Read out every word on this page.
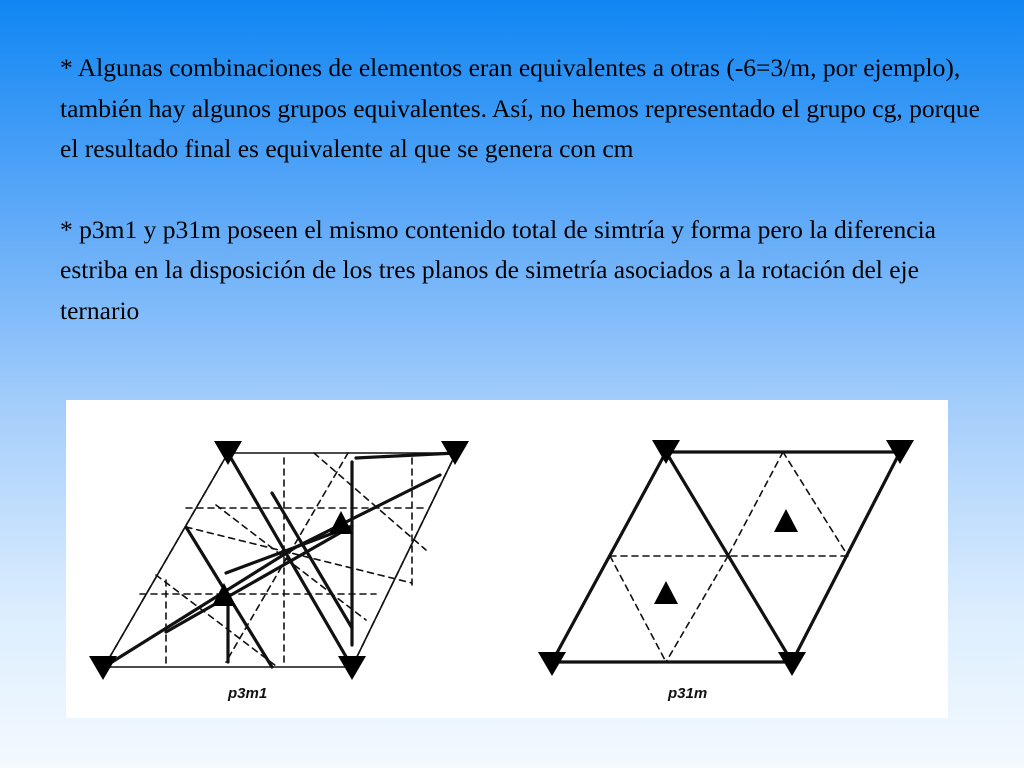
* Algunas combinaciones de elementos eran equivalentes a otras (-6=3/m, por ejemplo), también hay algunos grupos equivalentes. Así, no hemos representado el grupo cg, porque el resultado final es equivalente al que se genera con cm

* p3m1 y p31m poseen el mismo contenido total de simtría y forma pero la diferencia estriba en la disposición de los tres planos de simetría asociados a la rotación del eje ternario

p3m1	p31m
